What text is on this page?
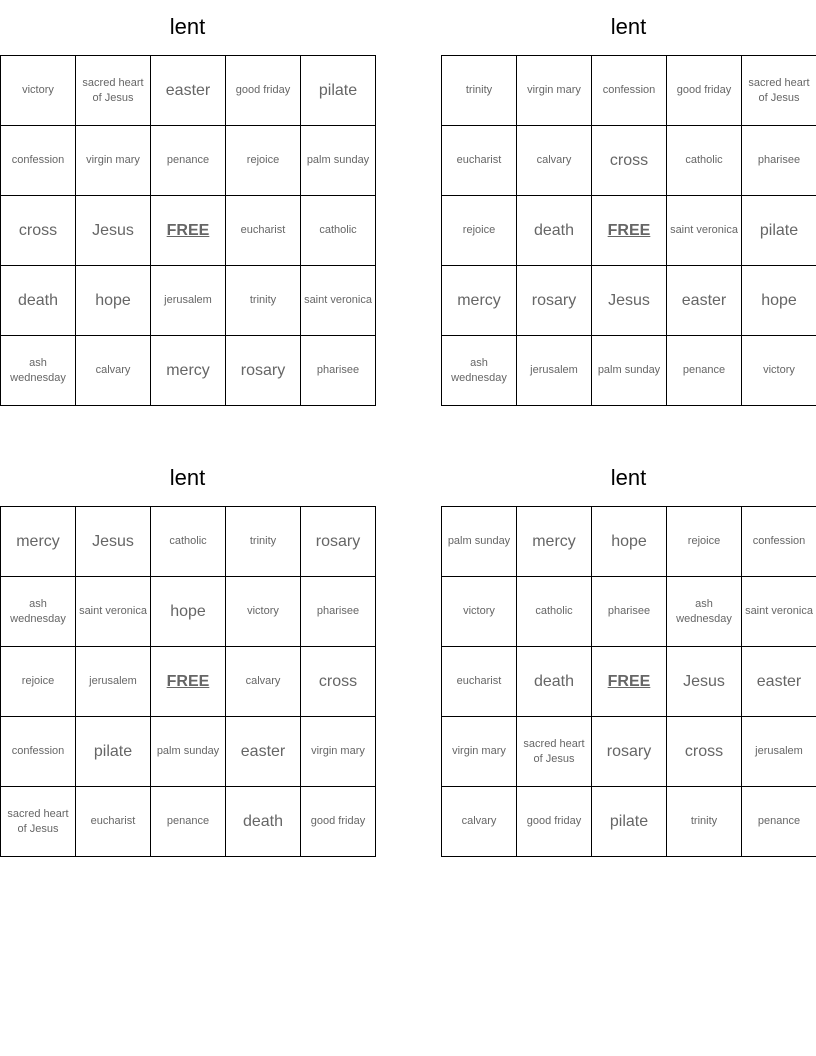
lent
victory	sacred heart of Jesus	easter	good friday	pilate
confession	virgin mary	penance	rejoice	palm sunday
cross	Jesus	FREE	eucharist	catholic
death	hope	jerusalem	trinity	saint veronica
ash wednesday	calvary	mercy	rosary	pharisee
lent
trinity	virgin mary	confession	good friday	sacred heart of Jesus
eucharist	calvary	cross	catholic	pharisee
rejoice	death	FREE	saint veronica	pilate
mercy	rosary	Jesus	easter	hope
ash wednesday	jerusalem	palm sunday	penance	victory
lent
mercy	Jesus	catholic	trinity	rosary
ash wednesday	saint veronica	hope	victory	pharisee
rejoice	jerusalem	FREE	calvary	cross
confession	pilate	palm sunday	easter	virgin mary
sacred heart of Jesus	eucharist	penance	death	good friday
lent
palm sunday	mercy	hope	rejoice	confession
victory	catholic	pharisee	ash wednesday	saint veronica
eucharist	death	FREE	Jesus	easter
virgin mary	sacred heart of Jesus	rosary	cross	jerusalem
calvary	good friday	pilate	trinity	penance
